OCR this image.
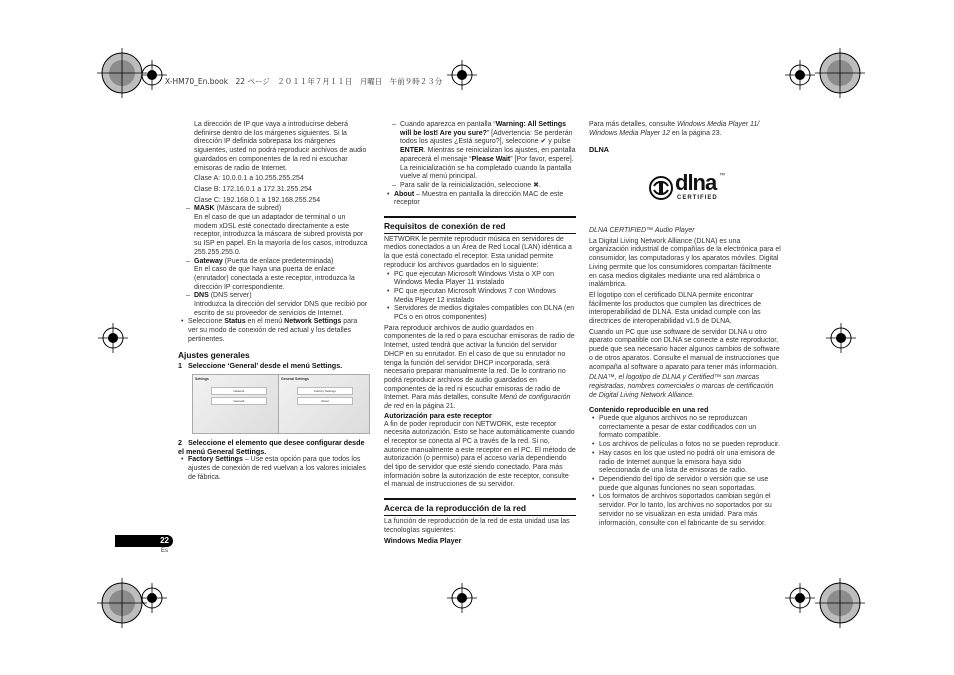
X-HM70_En.book　22 ページ　２０１１年７月１１日　月曜日　午前９時２３分

La dirección de IP que vaya a introducirse deberá definirse dentro de los márgenes siguientes. Si la dirección IP definida sobrepasa los márgenes siguientes, usted no podrá reproducir archivos de audio guardados en componentes de la red ni escuchar emisoras de radio de Internet.

Clase A: 10.0.0.1 a 10.255.255.254

Clase B: 172.16.0.1 a 172.31.255.254

Clase C: 192.168.0.1 a 192.168.255.254

– MASK (Máscara de subred)

En el caso de que un adaptador de terminal o un modem xDSL esté conectado directamente a este receptor, introduzca la máscara de subred provista por su ISP en papel. En la mayoría de los casos, introduzca 255.255.255.0.

– Gateway (Puerta de enlace predeterminada)

En el caso de que haya una puerta de enlace (enrutador) conectada a este receptor, introduzca la dirección IP correspondiente.

– DNS (DNS server)

Introduzca la dirección del servidor DNS que recibió por escrito de su proveedor de servicios de Internet.

• Seleccione Status en el menú Network Settings para ver su modo de conexión de red actual y los detalles pertinentes.

Ajustes generales

1 Seleccione ‘General’ desde el menú Settings.

Settings
Network
General
General Settings
Factory Settings
About

2 Seleccione el elemento que desee configurar desde el menú General Settings.

• Factory Settings – Use esta opción para que todos los ajustes de conexión de red vuelvan a los valores iniciales de fábrica.

– Cuando aparezca en pantalla “Warning: All Settings will be lost! Are you sure?” [Advertencia: Se perderán todos los ajustes ¿Está seguro?], seleccione ✔ y pulse ENTER. Mientras se reinicializan los ajustes, en pantalla aparecerá el mensaje “Please Wait” [Por favor, espere]. La reinicialización se ha completado cuando la pantalla vuelve al menú principal.

– Para salir de la reinicialización, seleccione ✖.

• About – Muestra en pantalla la dirección MAC de este receptor

Requisitos de conexión de red

NETWORK le permite reproducir música en servidores de medios conectados a un Área de Red Local (LAN) idéntica a la que está conectado el receptor. Esta unidad permite reproducir los archivos guardados en lo siguiente:

• PC que ejecutan Microsoft Windows Vista o XP con Windows Media Player 11 instalado

• PC que ejecutan Microsoft Windows 7 con Windows Media Player 12 instalado

• Servidores de medios digitales compatibles con DLNA (en PCs o en otros componentes)

Para reproducir archivos de audio guardados en componentes de la red o para escuchar emisoras de radio de Internet, usted tendrá que activar la función del servidor DHCP en su enrutador. En el caso de que su enrutador no tenga la función del servidor DHCP incorporada, será necesario preparar manualmente la red. De lo contrario no podrá reproducir archivos de audio guardados en componentes de la red ni escuchar emisoras de radio de Internet. Para más detalles, consulte Menú de configuración de red en la página 21.

Autorización para este receptor

A fin de poder reproducir con NETWORK, este receptor necesita autorización. Esto se hace automáticamente cuando el receptor se conecta al PC a través de la red. Si no, autorice manualmente a este receptor en el PC. El método de autorización (o permiso) para el acceso varía dependiendo del tipo de servidor que esté siendo conectado. Para más información sobre la autorización de este receptor, consulte el manual de instrucciones de su servidor.

Acerca de la reproducción de la red

La función de reproducción de la red de esta unidad usa las tecnologías siguientes:

Windows Media Player

Para más detalles, consulte Windows Media Player 11/ Windows Media Player 12 en la página 23.

DLNA

dlna ™
CERTIFIED

DLNA CERTIFIED™ Audio Player

La Digital Living Network Alliance (DLNA) es una organización industrial de compañías de la electrónica para el consumidor, las computadoras y los aparatos móviles. Digital Living permite que los consumidores compartan fácilmente en casa medios digitales mediante una red alámbrica o inalámbrica.

El logotipo con el certificado DLNA permite encontrar fácilmente los productos que cumplen las directrices de interoperabilidad de DLNA. Esta unidad cumple con las directrices de interoperabilidad v1.5 de DLNA.

Cuando un PC que use software de servidor DLNA u otro aparato compatible con DLNA se conecte a este reproductor, puede que sea necesario hacer algunos cambios de software o de otros aparatos. Consulte el manual de instrucciones que acompaña al software o aparato para tener más información.

DLNA™, el logotipo de DLNA y Certified™ son marcas registradas, nombres comerciales o marcas de certificación de Digital Living Network Alliance.

Contenido reproducible en una red

• Puede que algunos archivos no se reproduzcan correctamente a pesar de estar codificados con un formato compatible.

• Los archivos de películas o fotos no se pueden reproducir.

• Hay casos en los que usted no podrá oír una emisora de radio de Internet aunque la emisora haya sido seleccionada de una lista de emisoras de radio.

• Dependiendo del tipo de servidor o versión que se use puede que algunas funciones no sean soportadas.

• Los formatos de archivos soportados cambian según el servidor. Por lo tanto, los archivos no soportados por su servidor no se visualizan en esta unidad. Para más información, consulte con el fabricante de su servidor.

22
Es
